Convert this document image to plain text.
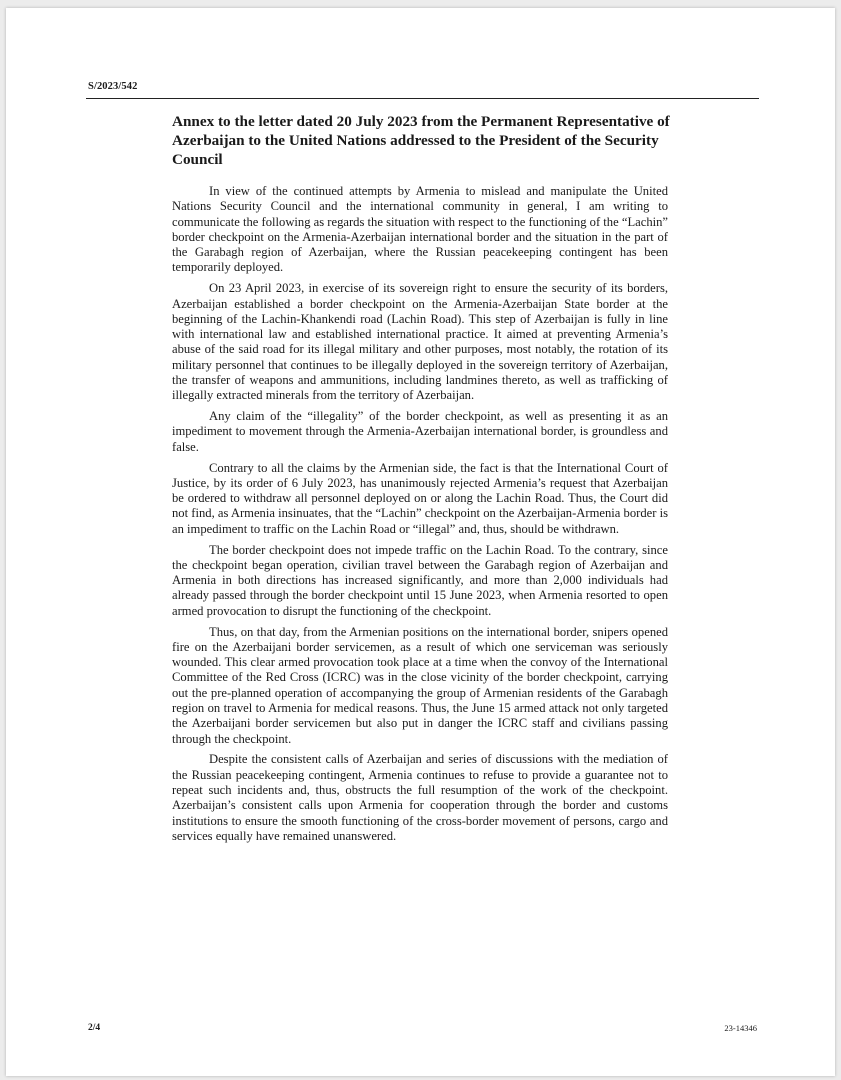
S/2023/542
Annex to the letter dated 20 July 2023 from the Permanent Representative of Azerbaijan to the United Nations addressed to the President of the Security Council

In view of the continued attempts by Armenia to mislead and manipulate the United Nations Security Council and the international community in general, I am writing to communicate the following as regards the situation with respect to the functioning of the “Lachin” border checkpoint on the Armenia-Azerbaijan international border and the situation in the part of the Garabagh region of Azerbaijan, where the Russian peacekeeping contingent has been temporarily deployed.

On 23 April 2023, in exercise of its sovereign right to ensure the security of its borders, Azerbaijan established a border checkpoint on the Armenia-Azerbaijan State border at the beginning of the Lachin-Khankendi road (Lachin Road). This step of Azerbaijan is fully in line with international law and established international practice. It aimed at preventing Armenia’s abuse of the said road for its illegal military and other purposes, most notably, the rotation of its military personnel that continues to be illegally deployed in the sovereign territory of Azerbaijan, the transfer of weapons and ammunitions, including landmines thereto, as well as trafficking of illegally extracted minerals from the territory of Azerbaijan.

Any claim of the “illegality” of the border checkpoint, as well as presenting it as an impediment to movement through the Armenia-Azerbaijan international border, is groundless and false.

Contrary to all the claims by the Armenian side, the fact is that the International Court of Justice, by its order of 6 July 2023, has unanimously rejected Armenia’s request that Azerbaijan be ordered to withdraw all personnel deployed on or along the Lachin Road. Thus, the Court did not find, as Armenia insinuates, that the “Lachin” checkpoint on the Azerbaijan-Armenia border is an impediment to traffic on the Lachin Road or “illegal” and, thus, should be withdrawn.

The border checkpoint does not impede traffic on the Lachin Road. To the contrary, since the checkpoint began operation, civilian travel between the Garabagh region of Azerbaijan and Armenia in both directions has increased significantly, and more than 2,000 individuals had already passed through the border checkpoint until 15 June 2023, when Armenia resorted to open armed provocation to disrupt the functioning of the checkpoint.

Thus, on that day, from the Armenian positions on the international border, snipers opened fire on the Azerbaijani border servicemen, as a result of which one serviceman was seriously wounded. This clear armed provocation took place at a time when the convoy of the International Committee of the Red Cross (ICRC) was in the close vicinity of the border checkpoint, carrying out the pre-planned operation of accompanying the group of Armenian residents of the Garabagh region on travel to Armenia for medical reasons. Thus, the June 15 armed attack not only targeted the Azerbaijani border servicemen but also put in danger the ICRC staff and civilians passing through the checkpoint.

Despite the consistent calls of Azerbaijan and series of discussions with the mediation of the Russian peacekeeping contingent, Armenia continues to refuse to provide a guarantee not to repeat such incidents and, thus, obstructs the full resumption of the work of the checkpoint. Azerbaijan’s consistent calls upon Armenia for cooperation through the border and customs institutions to ensure the smooth functioning of the cross-border movement of persons, cargo and services equally have remained unanswered.

2/4	23-14346
